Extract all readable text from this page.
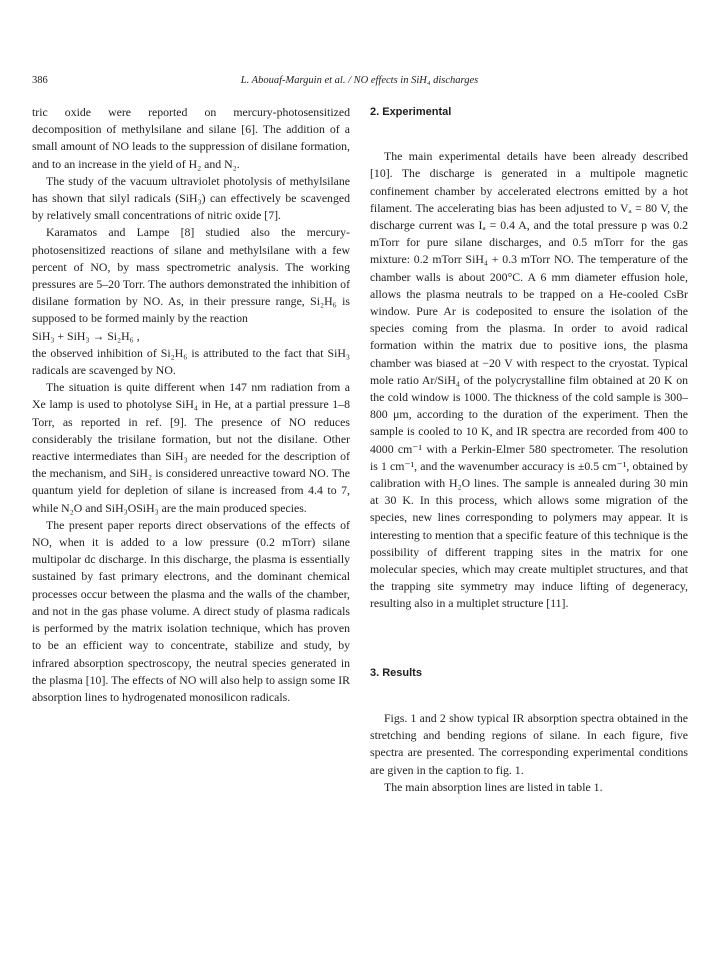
386	L. Abouaf-Marguin et al. / NO effects in SiH₄ discharges

tric oxide were reported on mercury-photosensitized decomposition of methylsilane and silane [6]. The addition of a small amount of NO leads to the suppression of disilane formation, and to an increase in the yield of H₂ and N₂.

The study of the vacuum ultraviolet photolysis of methylsilane has shown that silyl radicals (SiH₃) can effectively be scavenged by relatively small concentrations of nitric oxide [7].

Karamatos and Lampe [8] studied also the mercury-photosensitized reactions of silane and methylsilane with a few percent of NO, by mass spectrometric analysis. The working pressures are 5–20 Torr. The authors demonstrated the inhibition of disilane formation by NO. As, in their pressure range, Si₂H₆ is supposed to be formed mainly by the reaction

SiH₃ + SiH₃ → Si₂H₆ ,

the observed inhibition of Si₂H₆ is attributed to the fact that SiH₃ radicals are scavenged by NO.

The situation is quite different when 147 nm radiation from a Xe lamp is used to photolyse SiH₄ in He, at a partial pressure 1–8 Torr, as reported in ref. [9]. The presence of NO reduces considerably the trisilane formation, but not the disilane. Other reactive intermediates than SiH₃ are needed for the description of the mechanism, and SiH₂ is considered unreactive toward NO. The quantum yield for depletion of silane is increased from 4.4 to 7, while N₂O and SiH₃OSiH₃ are the main produced species.

The present paper reports direct observations of the effects of NO, when it is added to a low pressure (0.2 mTorr) silane multipolar dc discharge. In this discharge, the plasma is essentially sustained by fast primary electrons, and the dominant chemical processes occur between the plasma and the walls of the chamber, and not in the gas phase volume. A direct study of plasma radicals is performed by the matrix isolation technique, which has proven to be an efficient way to concentrate, stabilize and study, by infrared absorption spectroscopy, the neutral species generated in the plasma [10]. The effects of NO will also help to assign some IR absorption lines to hydrogenated monosilicon radicals.

2. Experimental

The main experimental details have been already described [10]. The discharge is generated in a multipole magnetic confinement chamber by accelerated electrons emitted by a hot filament. The accelerating bias has been adjusted to Vₐ = 80 V, the discharge current was Iₐ = 0.4 A, and the total pressure p was 0.2 mTorr for pure silane discharges, and 0.5 mTorr for the gas mixture: 0.2 mTorr SiH₄ + 0.3 mTorr NO. The temperature of the chamber walls is about 200°C. A 6 mm diameter effusion hole, allows the plasma neutrals to be trapped on a He-cooled CsBr window. Pure Ar is codeposited to ensure the isolation of the species coming from the plasma. In order to avoid radical formation within the matrix due to positive ions, the plasma chamber was biased at −20 V with respect to the cryostat. Typical mole ratio Ar/SiH₄ of the polycrystalline film obtained at 20 K on the cold window is 1000. The thickness of the cold sample is 300–800 μm, according to the duration of the experiment. Then the sample is cooled to 10 K, and IR spectra are recorded from 400 to 4000 cm⁻¹ with a Perkin-Elmer 580 spectrometer. The resolution is 1 cm⁻¹, and the wavenumber accuracy is ±0.5 cm⁻¹, obtained by calibration with H₂O lines. The sample is annealed during 30 min at 30 K. In this process, which allows some migration of the species, new lines corresponding to polymers may appear. It is interesting to mention that a specific feature of this technique is the possibility of different trapping sites in the matrix for one molecular species, which may create multiplet structures, and that the trapping site symmetry may induce lifting of degeneracy, resulting also in a multiplet structure [11].

3. Results

Figs. 1 and 2 show typical IR absorption spectra obtained in the stretching and bending regions of silane. In each figure, five spectra are presented. The corresponding experimental conditions are given in the caption to fig. 1.

The main absorption lines are listed in table 1.
